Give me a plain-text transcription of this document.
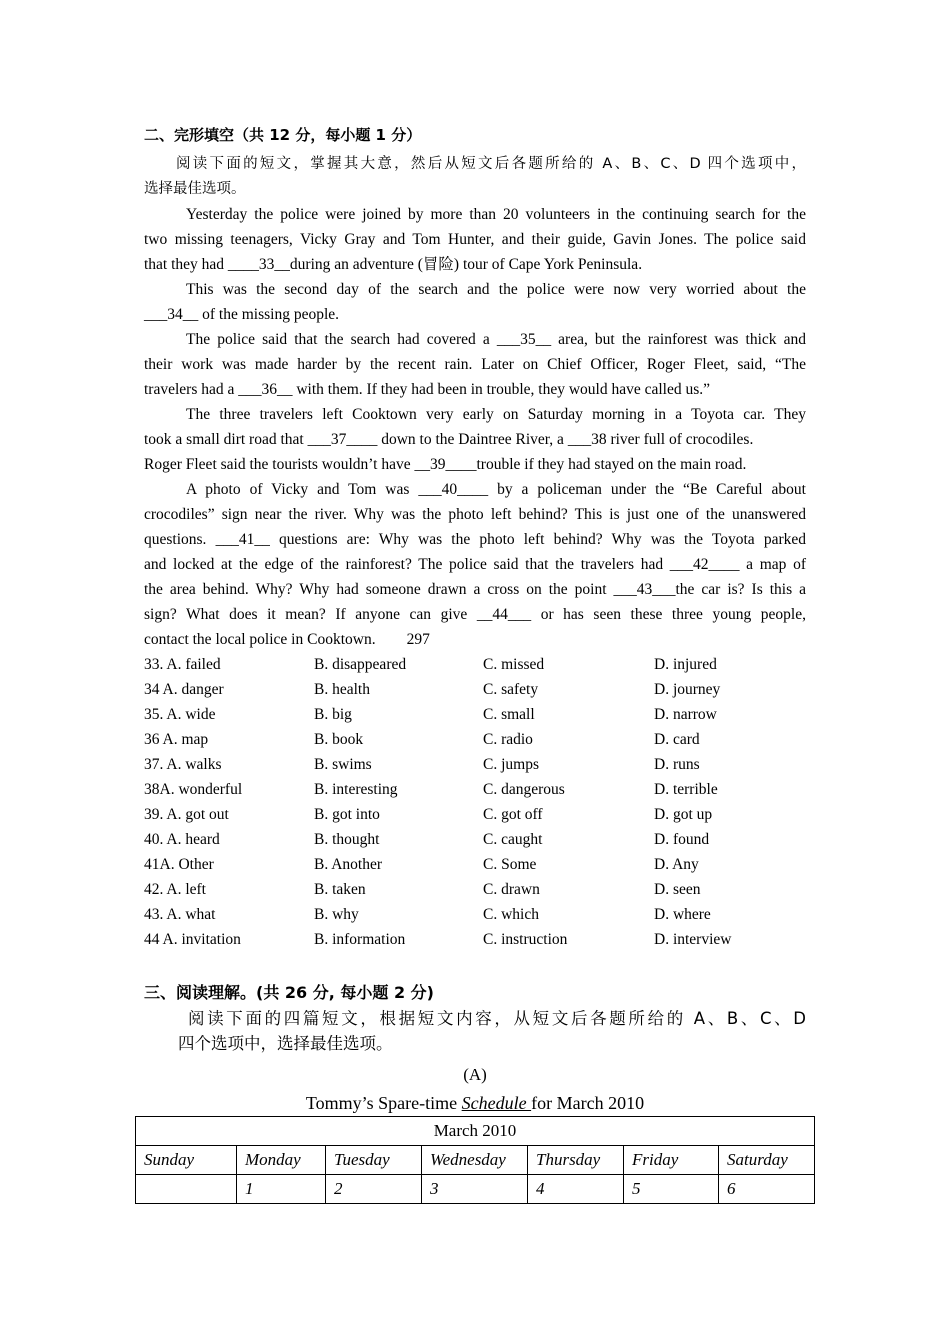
二、完形填空（共 12 分，每小题 1 分）
阅读下面的短文，掌握其大意，然后从短文后各题所给的 A、B、C、D 四个选项中，
选择最佳选项。
Yesterday the police were joined by more than 20 volunteers in the continuing search for the
two missing teenagers, Vicky Gray and Tom Hunter, and their guide, Gavin Jones. The police said
that they had ____33__during an adventure (冒险) tour of Cape York Peninsula.
This was the second day of the search and the police were now very worried about the
___34__ of the missing people.
The police said that the search had covered a ___35__ area, but the rainforest was thick and
their work was made harder by the recent rain. Later on Chief Officer, Roger Fleet, said, “The
travelers had a ___36__ with them. If they had been in trouble, they would have called us.”
The three travelers left Cooktown very early on Saturday morning in a Toyota car. They
took a small dirt road that ___37____ down to the Daintree River, a ___38 river full of crocodiles.
Roger Fleet said the tourists wouldn’t have __39____trouble if they had stayed on the main road.
A photo of Vicky and Tom was ___40____ by a policeman under the “Be Careful about
crocodiles” sign near the river. Why was the photo left behind? This is just one of the unanswered
questions. ___41__ questions are: Why was the photo left behind? Why was the Toyota parked
and locked at the edge of the rainforest? The police said that the travelers had ___42____ a map of
the area behind. Why? Why had someone drawn a cross on the point ___43___the car is? Is this a
sign? What does it mean? If anyone can give __44___ or has seen these three young people,
contact the local police in Cooktown.        297
33. A. failed	B. disappeared	C. missed	D. injured
34 A. danger	B. health	C. safety	D. journey
35. A. wide	B. big	C. small	D. narrow
36 A. map	B. book	C. radio	D. card
37. A. walks	B. swims	C. jumps	D. runs
38A. wonderful	B. interesting	C. dangerous	D. terrible
39. A. got out	B. got into	C. got off	D. got up
40. A. heard	B. thought	C. caught	D. found
41A. Other	B. Another	C. Some	D. Any
42. A. left	B. taken	C. drawn	D. seen
43. A. what	B. why	C. which	D. where
44 A. invitation	B. information	C. instruction	D. interview
三、阅读理解。(共 26 分, 每小题 2 分)
阅读下面的四篇短文，根据短文内容，从短文后各题所给的 A、B、C、D
四个选项中，选择最佳选项。
(A)
Tommy’s Spare-time Schedule for March 2010
March 2010						
Sunday	Monday	Tuesday	Wednesday	Thursday	Friday	Saturday
	1	2	3	4	5	6
